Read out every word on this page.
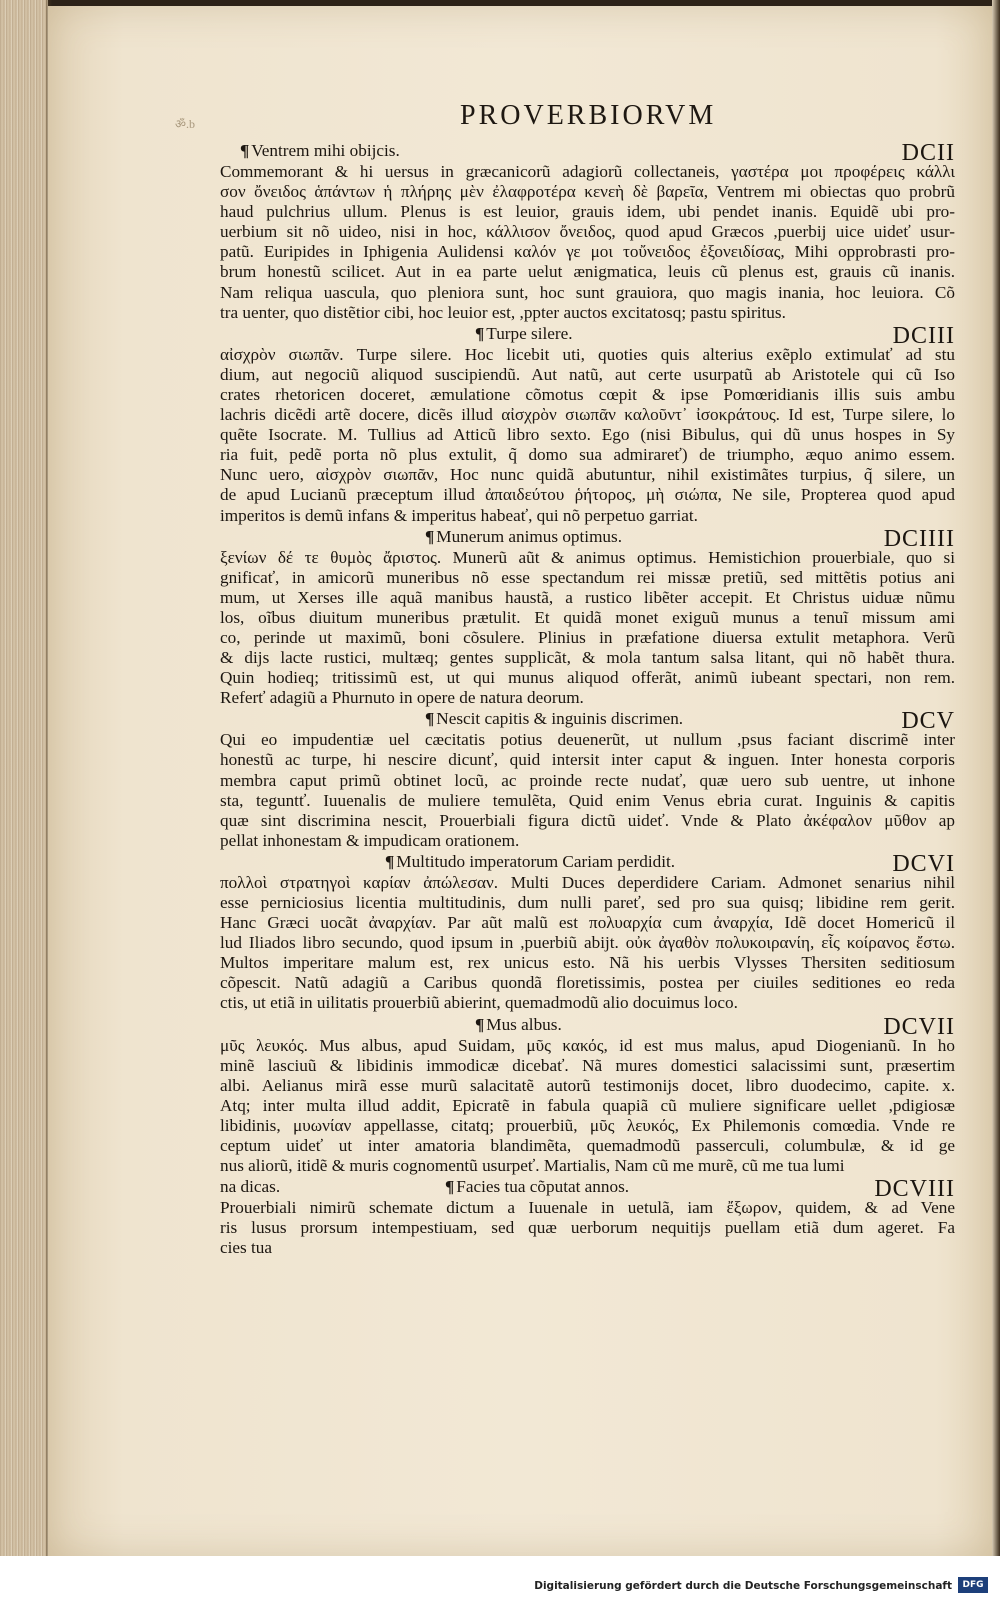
ॐ.b	PROVERBIORVM
¶ Ventrem mihi obijcis.	DCII
Commemorant & hi uersus in græcanicorũ adagiorũ collectaneis, γαστέρα μοι προφέρεις κάλλι
σον ὄνειδος ἁπάντων ἡ πλήρης μὲν ἐλαφροτέρα κενεὴ δὲ βαρεῖα, Ventrem mi obiectas quo probrũ
haud pulchrius ullum. Plenus is est leuior, grauis idem, ubi pendet inanis. Equidẽ ubi pro-
uerbium sit nõ uideo, nisi in hoc, κάλλισον ὄνειδος, quod apud Græcos ,puerbij uice uideť usur-
patũ. Euripides in Iphigenia Aulidensi καλόν γε μοι τοὔνειδος ἐξονειδίσας, Mihi opprobrasti pro-
brum honestũ scilicet. Aut in ea parte uelut ænigmatica, leuis cũ plenus est, grauis cũ inanis.
Nam reliqua uascula, quo pleniora sunt, hoc sunt grauiora, quo magis inania, hoc leuiora. Cõ
tra uenter, quo distẽtior cibi, hoc leuior est, ,ppter auctos excitatosq; pastu spiritus.
¶ Turpe silere.	DCIII
αἰσχρὸν σιωπᾶν. Turpe silere. Hoc licebit uti, quoties quis alterius exẽplo extimulať ad stu
dium, aut negociũ aliquod suscipiendũ. Aut natũ, aut certe usurpatũ ab Aristotele qui cũ Iso
crates rhetoricen doceret, æmulatione cõmotus cœpit & ipse Pomœridianis illis suis ambu
lachris dicẽdi artẽ docere, dicẽs illud αἰσχρὸν σιωπᾶν καλοῦντ᾽ ἰσοκράτους. Id est, Turpe silere, lo
quẽte Isocrate. M. Tullius ad Atticũ libro sexto. Ego (nisi Bibulus, qui dũ unus hospes in Sy
ria fuit, pedẽ porta nõ plus extulit, q̃ domo sua admirareť) de triumpho, æquo animo essem.
Nunc uero, αἰσχρὸν σιωπᾶν, Hoc nunc quidã abutuntur, nihil existimãtes turpius, q̃ silere, un
de apud Lucianũ præceptum illud ἀπαιδεύτου ῥήτορος, μὴ σιώπα, Ne sile, Propterea quod apud
imperitos is demũ infans & imperitus habeať, qui nõ perpetuo garriat.
¶ Munerum animus optimus.	DCIIII
ξενίων δέ τε θυμὸς ἄριστος. Munerũ aũt & animus optimus. Hemistichion prouerbiale, quo si
gnificať, in amicorũ muneribus nõ esse spectandum rei missæ pretiũ, sed mittẽtis potius ani
mum, ut Xerses ille aquã manibus haustã, a rustico libẽter accepit. Et Christus uiduæ nũmu
los, oĩbus diuitum muneribus prætulit. Et quidã monet exiguũ munus a tenuĩ missum ami
co, perinde ut maximũ, boni cõsulere. Plinius in præfatione diuersa extulit metaphora. Verũ
& dijs lacte rustici, multæq; gentes supplicãt, & mola tantum salsa litant, qui nõ habẽt thura.
Quin hodieq; tritissimũ est, ut qui munus aliquod offerãt, animũ iubeant spectari, non rem.
Referť adagiũ a Phurnuto in opere de natura deorum.
¶ Nescit capitis & inguinis discrimen.	DCV
Qui eo impudentiæ uel cæcitatis potius deuenerũt, ut nullum ,psus faciant discrimẽ inter
honestũ ac turpe, hi nescire dicunť, quid intersit inter caput & inguen. Inter honesta corporis
membra caput primũ obtinet locũ, ac proinde recte nudať, quæ uero sub uentre, ut inhone
sta, teguntť. Iuuenalis de muliere temulẽta, Quid enim Venus ebria curat. Inguinis & capitis
quæ sint discrimina nescit, Prouerbiali figura dictũ uideť. Vnde & Plato ἀκέφαλον μῦθον ap
pellat inhonestam & impudicam orationem.
¶ Multitudo imperatorum Cariam perdidit.	DCVI
πολλοὶ στρατηγοὶ καρίαν ἀπώλεσαν. Multi Duces deperdidere Cariam. Admonet senarius nihil
esse perniciosius licentia multitudinis, dum nulli pareť, sed pro sua quisq; libidine rem gerit.
Hanc Græci uocãt ἀναρχίαν. Par aũt malũ est πολυαρχία cum ἀναρχία, Idẽ docet Homericũ il
lud Iliados libro secundo, quod ipsum in ,puerbiũ abijt. οὐκ ἀγαθὸν πολυκοιρανίη, εἷς κοίρανος ἔστω.
Multos imperitare malum est, rex unicus esto. Nã his uerbis Vlysses Thersiten seditiosum
cõpescit. Natũ adagiũ a Caribus quondã floretissimis, postea per ciuiles seditiones eo reda
ctis, ut etiã in uilitatis prouerbiũ abierint, quemadmodũ alio docuimus loco.
¶ Mus albus.	DCVII
μῦς λευκός. Mus albus, apud Suidam, μῦς κακός, id est mus malus, apud Diogenianũ. In ho
minẽ lasciuũ & libidinis immodicæ dicebať. Nã mures domestici salacissimi sunt, præsertim
albi. Aelianus mirã esse murũ salacitatẽ autorũ testimonijs docet, libro duodecimo, capite. x.
Atq; inter multa illud addit, Epicratẽ in fabula quapiã cũ muliere significare uellet ,pdigiosæ
libidinis, μυωνίαν appellasse, citatq; prouerbiũ, μῦς λευκός, Ex Philemonis comœdia. Vnde re
ceptum uideť ut inter amatoria blandimẽta, quemadmodũ passerculi, columbulæ, & id ge
nus aliorũ, itidẽ & muris cognomentũ usurpeť. Martialis, Nam cũ me murẽ, cũ me tua lumi
na dicas.	¶ Facies tua cõputat annos.	DCVIII
Prouerbiali nimirũ schemate dictum a Iuuenale in uetulã, iam ἔξωρον, quidem, & ad Vene
ris lusus prorsum intempestiuam, sed quæ uerborum nequitijs puellam etiã dum ageret. Fa
cies tua
Digitalisierung gefördert durch die Deutsche Forschungsgemeinschaft	DFG
